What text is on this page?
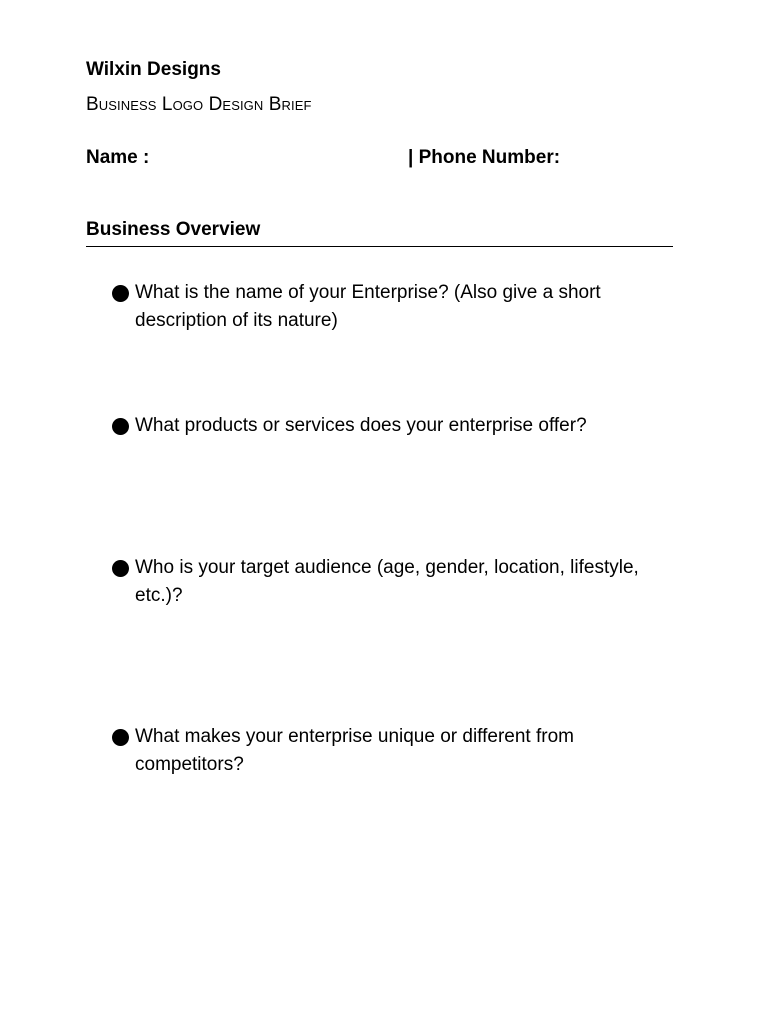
Wilxin Designs
Business Logo Design Brief
Name :	| Phone Number:
Business Overview
What is the name of your Enterprise? (Also give a short description of its nature)
What products or services does your enterprise offer?
Who is your target audience (age, gender, location, lifestyle, etc.)?
What makes your enterprise unique or different from competitors?
